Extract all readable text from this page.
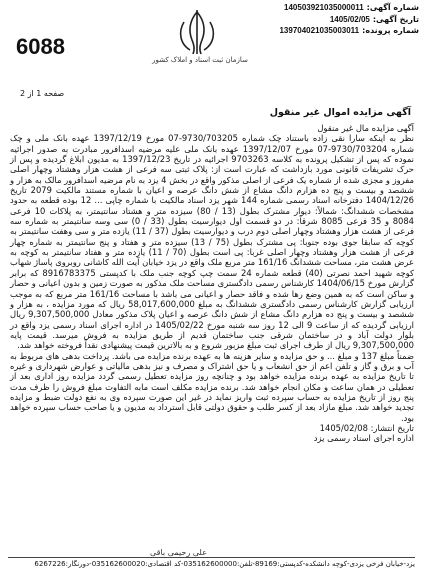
شماره آگهی:
140503921035000011
تاریخ آگهی:
1405/02/05
شماره پرونده:
139704021035003011
سازمان ثبت اسناد و املاک کشور
6088
صفحه 1 از 2
آگهی مزایده اموال غیر منقول

آگهی مزایده مال غیر منقول

نظر به اینکه سارا نقی زاده باستناد چک شماره 9730/703205-07 مورخ 1397/12/19 عهده بانک ملی و چک شماره 9730/703204-07 مورخ 1397/12/07 عهده بانک ملی علیه مرضیه اسدافرور مبادرت به صدور اجرائیه نموده که پس از تشکیل پرونده به کلاسه 9703263 اجرائیه در تاریخ 1397/12/23 به مدیون ابلاغ گردیده و پس از حرک تشریفات قانونی مورد بازداشت که عبارت است از: پلاک ثبتی سه فرعی از هشت هزار وهشتاد وچهار اصلی مفروز و مجزی شده از شماره یک فرعی از اصلی مذکور واقع در بخش 4 یزد به نام مرضیه اسدافرور مالک به هزار و ششصد و بیست و پنج ده هزارم دانگ مشاع از شش دانگ عرصه و اعیان با شماره مستند مالکیت 2079 تاریخ 1404/12/26 دفترخانه اسناد رسمی شماره 144 شهر یزد اسناد مالکیت با شماره چاپی ... 12 بوده قطعه به حدود مشخصات ششدانگ: شمالاً: دیوار مشترک بطول (13 / 80) سیزده متر و هشتاد سانتیمتر، به پلاکات 10 فرعی 8084 و 35 فرعی 8085 شرقاً: در دو قسمت اول دیوارسیت بطول (33 / 0) سی وسه سانتیمتر به شماره سه فرعی از هشت هزار وهشتاد وچهار اصلی دوم درب و دیوارسیت بطول (37 / 11) یازده متر و سی وهفت سانتیمتر به کوچه که سابقا جوی بوده جنوبا: پی مشترک بطول (75 / 13) سیزده متر و هفتاد و پنج سانتیمتر به شماره چهار فرعی از هشت هزار وهشتاد وچهار اصلی غربا: پی است بطول (70 / 11) یازده متر و هفتاد سانتیمتر به کوچه به عرض هشت متر، مساحت ششدانگ 161/16 متر مربع ملک واقع در یزد خیابان آیت الله کاشانی روبروی پاساژ شهاب کوچه شهید احمد نصرتی (40) قطعه شماره 24 سمت چپ کوچه جنب ملک با کدپستی 8916783375 که برابر گزارش مورخ 1404/06/15 کارشناس رسمی دادگستری مساحت ملک مذکور به صورت زمین و بدون اعیانی و حصار و ساکن است که به همین وضع رها شده و فاقد حصار و اعیانی می باشد با مساحت 161/16 متر مربع که به موجب ارزیابی گزارش کارشناس رسمی دادگستری ششدانگ به مبلغ 58,017,600,000 ریال که مورد مزایده ، به هزار و ششصد و بیست و پنج ده هزارم دانگ مشاع از شش دانگ عرصه و اعیان پلاک مذکور معادل 9,307,500,000 ریال ارزیابی گردیده که از ساعت 9 الی 12 روز سه شنبه مورخ 1405/02/22 در اداره اجرای اسناد رسمی یزد واقع در بلوار دولت آباد و در ساختمان شرقی جنب ساختمان قدیم از طریق مزایده به فروش میرسد. قیمت پایه 9,307,500,000 ریال از طرف اجرای ثبت مبلغ مزبور شروع و به بالاترین قیمت پیشنهادی نقداً فروخته خواهد شد.

ضمناً مبلغ 137 و مبلغ ... و حق مزایده و سایر هزینه ها به عهده برنده مزایده می باشد. پرداخت بدهی های مربوط به آب و برق و گاز و تلفن اعم از حق انشعاب و یا حق اشتراک و مصرف و نیز بدهی مالیاتی و عوارض شهرداری و غیره تا تاریخ مزایده به عهده برنده مزایده خواهد بود و چنانچه روز مزایده تعطیل رسمی گردد مزایده روز اداری بعد از تعطیلی در همان ساعت و مکان انجام خواهد شد. برنده مزایده مکلف است مابه التفاوت مبلغ فروش را ظرف مدت پنج روز از تاریخ مزایده به حساب سپرده ثبت واریز نماید در غیر این صورت سپرده وی به نفع دولت ضبط و مزایده تجدید خواهد شد. مبلغ مازاد بعد از کسر طلب و حقوق دولتی قابل استرداد به مدیون و یا صاحب حساب سپرده خواهد بود.

تاریخ انتشار: 1405/02/08

اداره اجرای اسناد رسمی یزد

علی رحیمی باقی
یزد-خیابان فرخی یزدی-کوچه دانشکده-کدپستی:89169-تلفن:035162600000-کد اقتصادی:035162600020-دورنگار:6267226
